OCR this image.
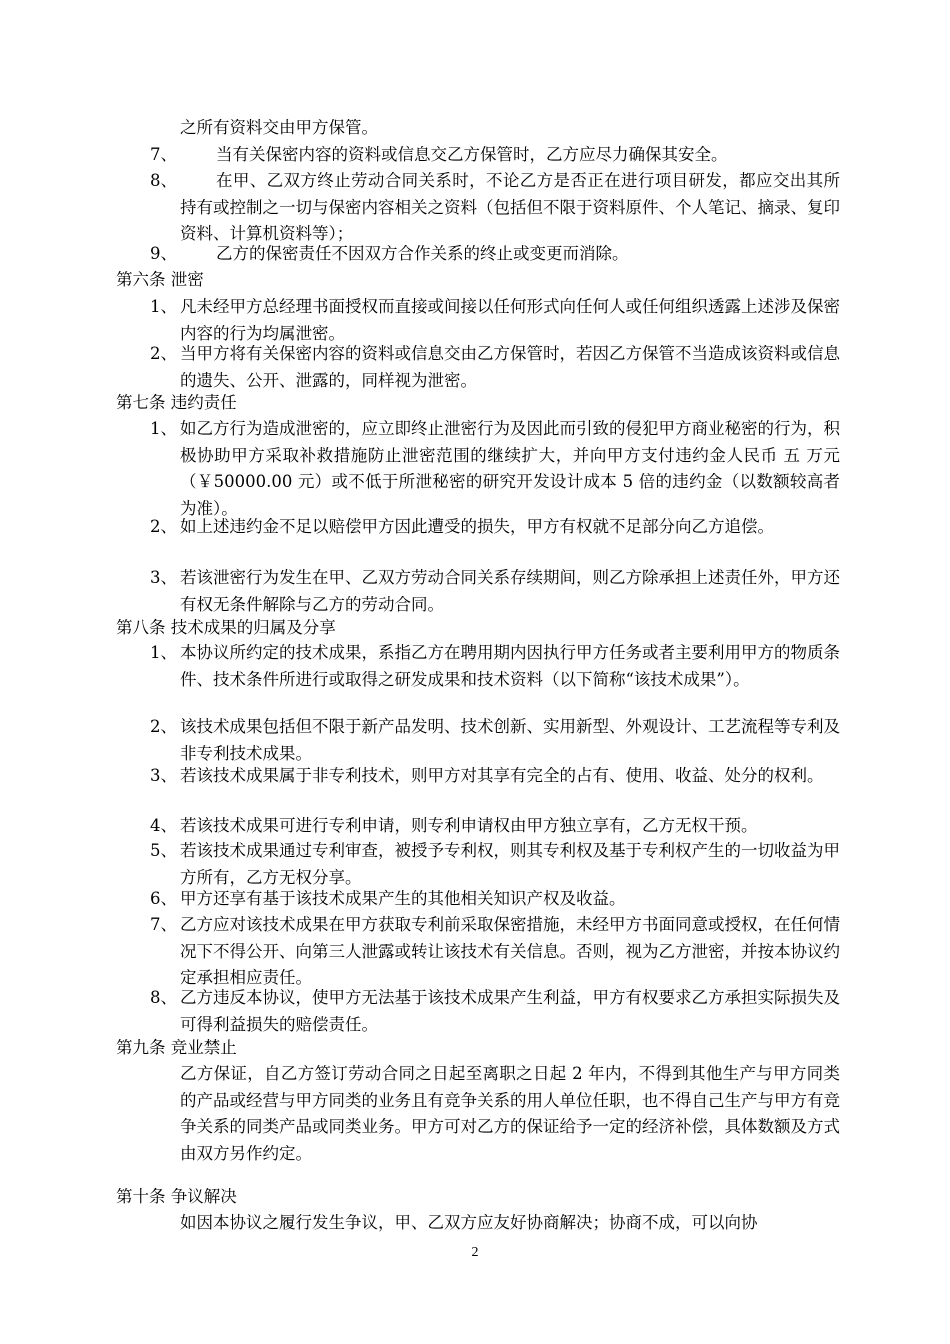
之所有资料交由甲方保管。
7、	当有关保密内容的资料或信息交乙方保管时，乙方应尽力确保其安全。
8、	在甲、乙双方终止劳动合同关系时，不论乙方是否正在进行项目研发，都应交出其所持有或控制之一切与保密内容相关之资料（包括但不限于资料原件、个人笔记、摘录、复印资料、计算机资料等）；
9、	乙方的保密责任不因双方合作关系的终止或变更而消除。
第六条 泄密
1、 凡未经甲方总经理书面授权而直接或间接以任何形式向任何人或任何组织透露上述涉及保密内容的行为均属泄密。
2、 当甲方将有关保密内容的资料或信息交由乙方保管时，若因乙方保管不当造成该资料或信息的遗失、公开、泄露的，同样视为泄密。
第七条 违约责任
1、 如乙方行为造成泄密的，应立即终止泄密行为及因此而引致的侵犯甲方商业秘密的行为，积极协助甲方采取补救措施防止泄密范围的继续扩大，并向甲方支付违约金人民币 五 万元（￥50000.00 元）或不低于所泄秘密的研究开发设计成本 5 倍的违约金（以数额较高者为准）。
2、 如上述违约金不足以赔偿甲方因此遭受的损失，甲方有权就不足部分向乙方追偿。
3、 若该泄密行为发生在甲、乙双方劳动合同关系存续期间，则乙方除承担上述责任外，甲方还有权无条件解除与乙方的劳动合同。
第八条 技术成果的归属及分享
1、 本协议所约定的技术成果，系指乙方在聘用期内因执行甲方任务或者主要利用甲方的物质条件、技术条件所进行或取得之研发成果和技术资料（以下简称“该技术成果”）。
2、 该技术成果包括但不限于新产品发明、技术创新、实用新型、外观设计、工艺流程等专利及非专利技术成果。
3、 若该技术成果属于非专利技术，则甲方对其享有完全的占有、使用、收益、处分的权利。
4、 若该技术成果可进行专利申请，则专利申请权由甲方独立享有，乙方无权干预。
5、 若该技术成果通过专利审查，被授予专利权，则其专利权及基于专利权产生的一切收益为甲方所有，乙方无权分享。
6、 甲方还享有基于该技术成果产生的其他相关知识产权及收益。
7、 乙方应对该技术成果在甲方获取专利前采取保密措施，未经甲方书面同意或授权，在任何情况下不得公开、向第三人泄露或转让该技术有关信息。否则，视为乙方泄密，并按本协议约定承担相应责任。
8、 乙方违反本协议，使甲方无法基于该技术成果产生利益，甲方有权要求乙方承担实际损失及可得利益损失的赔偿责任。
第九条 竞业禁止
乙方保证，自乙方签订劳动合同之日起至离职之日起 2 年内，不得到其他生产与甲方同类的产品或经营与甲方同类的业务且有竞争关系的用人单位任职，也不得自己生产与甲方有竞争关系的同类产品或同类业务。甲方可对乙方的保证给予一定的经济补偿，具体数额及方式由双方另作约定。
第十条 争议解决
如因本协议之履行发生争议，甲、乙双方应友好协商解决；协商不成，可以向协
2
